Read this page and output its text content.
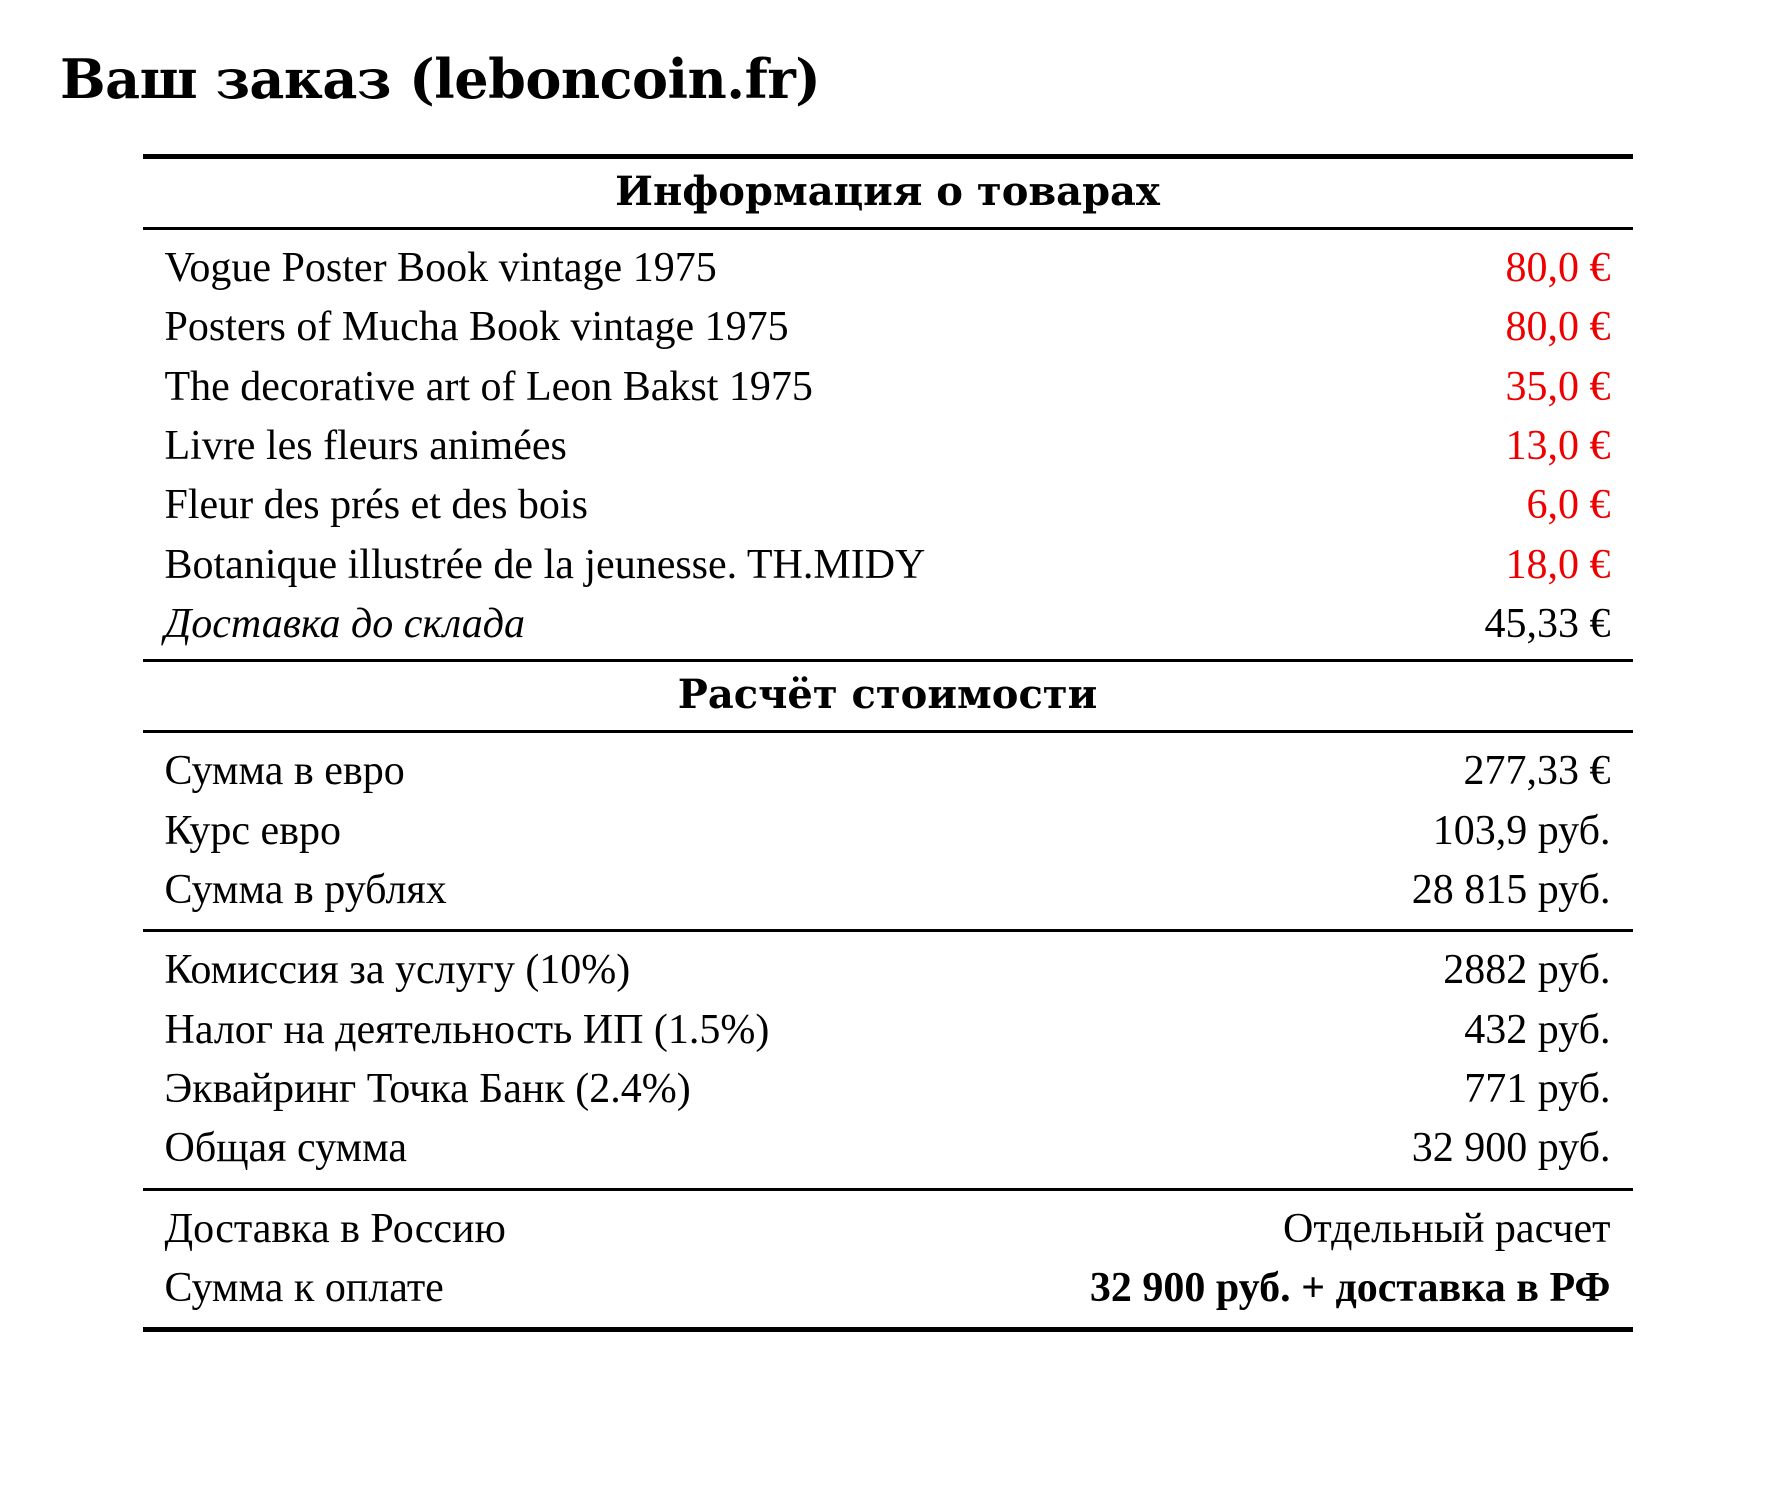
Ваш заказ (leboncoin.fr)

Информация о товарах	

Vogue Poster Book vintage 1975	80,0 €
Posters of Mucha Book vintage 1975	80,0 €
The decorative art of Leon Bakst 1975	35,0 €
Livre les fleurs animées	13,0 €
Fleur des prés et des bois	6,0 €
Botanique illustrée de la jeunesse. TH.MIDY	18,0 €
Доставка до склада	45,33 €

Расчёт стоимости	

Сумма в евро	277,33 €
Курс евро	103,9 руб.
Сумма в рублях	28 815 руб.

Комиссия за услугу (10%)	2882 руб.
Налог на деятельность ИП (1.5%)	432 руб.
Эквайринг Точка Банк (2.4%)	771 руб.
Общая сумма	32 900 руб.

Доставка в Россию	Отдельный расчет
Сумма к оплате	32 900 руб. + доставка в РФ
